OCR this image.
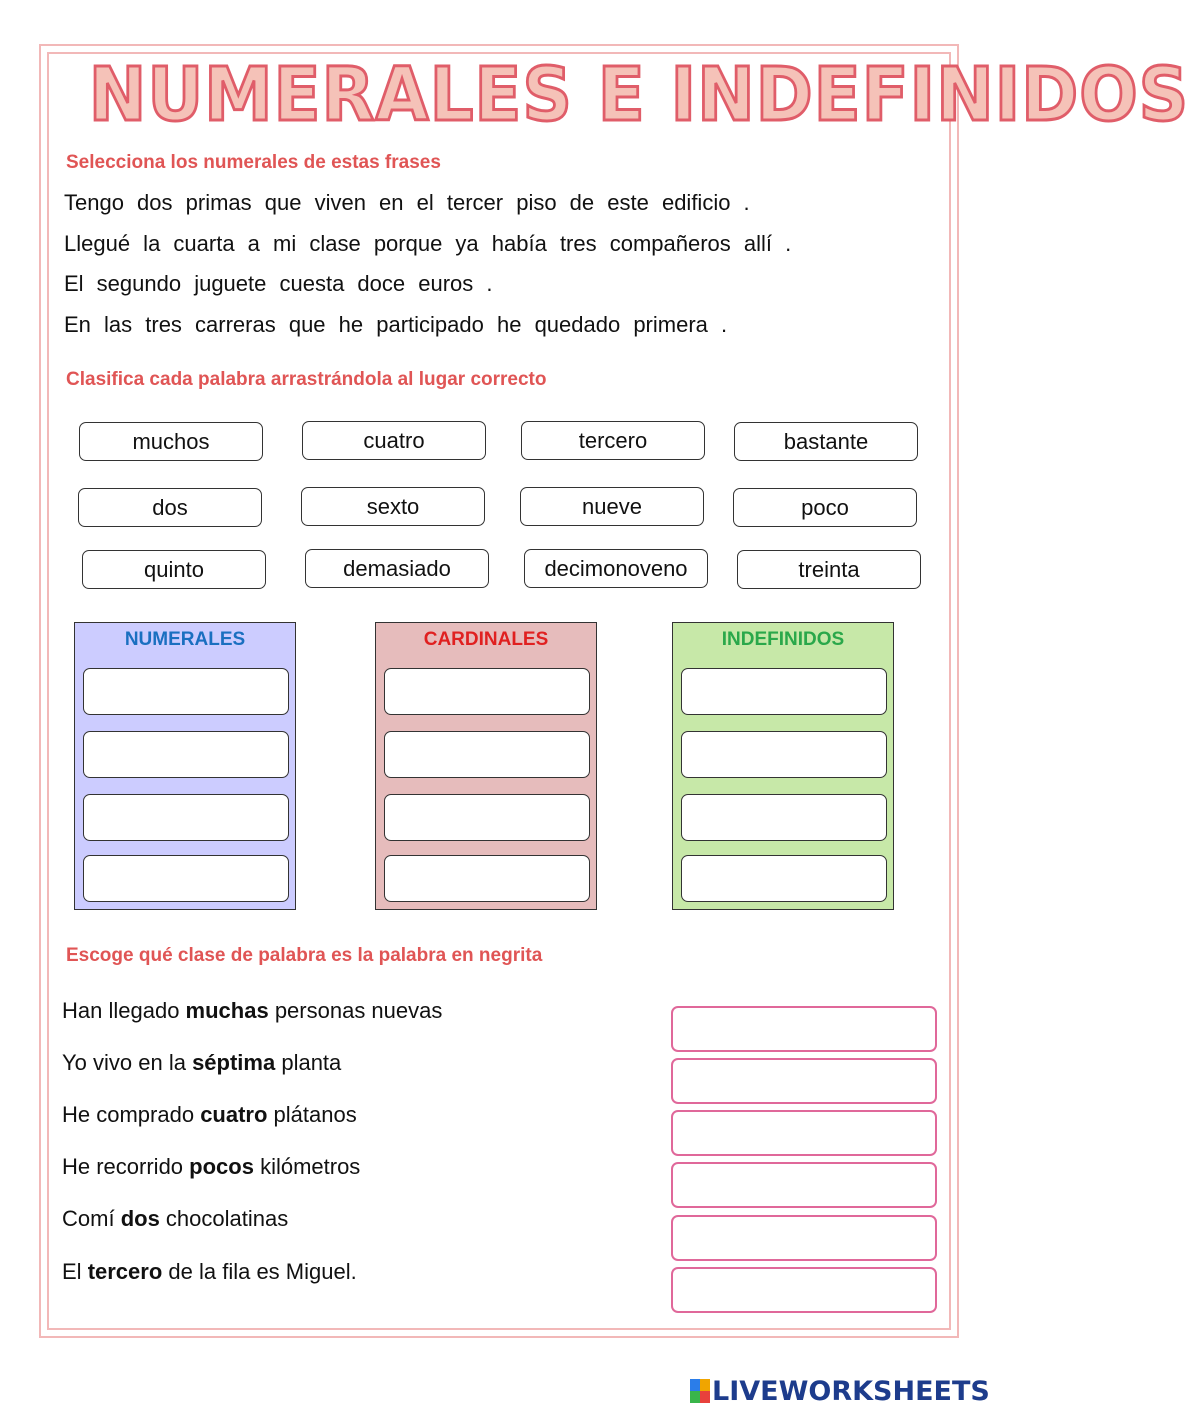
NUMERALES E INDEFINIDOS

Selecciona los numerales de estas frases

Tengo dos primas que viven en el tercer piso de este edificio .

Llegué la cuarta a mi clase porque ya había tres compañeros allí .

El segundo juguete cuesta doce euros .

En las tres carreras que he participado he quedado primera .

Clasifica cada palabra arrastrándola al lugar correcto

muchos	cuatro	tercero	bastante
dos	sexto	nueve	poco
quinto	demasiado	decimonoveno	treinta
NUMERALES	CARDINALES	INDEFINIDOS

Escoge qué clase de palabra es la palabra en negrita

Han llegado muchas personas nuevas

Yo vivo en la séptima planta

He comprado cuatro plátanos

He recorrido pocos kilómetros

Comí dos chocolatinas

El tercero de la fila es Miguel.

LIVEWORKSHEETS
